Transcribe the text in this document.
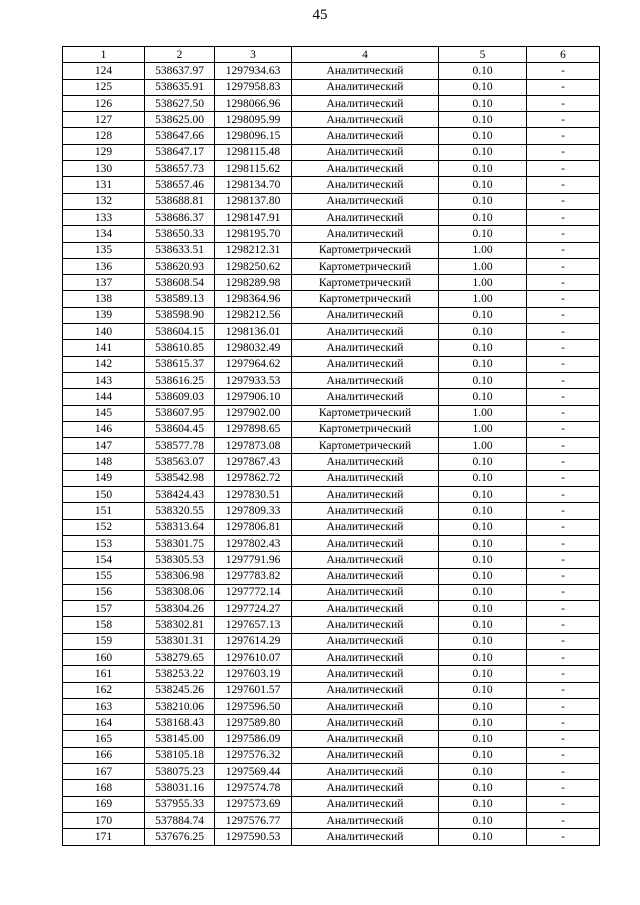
45
1	2	3	4	5	6
124	538637.97	1297934.63	Аналитический	0.10	-
125	538635.91	1297958.83	Аналитический	0.10	-
126	538627.50	1298066.96	Аналитический	0.10	-
127	538625.00	1298095.99	Аналитический	0.10	-
128	538647.66	1298096.15	Аналитический	0.10	-
129	538647.17	1298115.48	Аналитический	0.10	-
130	538657.73	1298115.62	Аналитический	0.10	-
131	538657.46	1298134.70	Аналитический	0.10	-
132	538688.81	1298137.80	Аналитический	0.10	-
133	538686.37	1298147.91	Аналитический	0.10	-
134	538650.33	1298195.70	Аналитический	0.10	-
135	538633.51	1298212.31	Картометрический	1.00	-
136	538620.93	1298250.62	Картометрический	1.00	-
137	538608.54	1298289.98	Картометрический	1.00	-
138	538589.13	1298364.96	Картометрический	1.00	-
139	538598.90	1298212.56	Аналитический	0.10	-
140	538604.15	1298136.01	Аналитический	0.10	-
141	538610.85	1298032.49	Аналитический	0.10	-
142	538615.37	1297964.62	Аналитический	0.10	-
143	538616.25	1297933.53	Аналитический	0.10	-
144	538609.03	1297906.10	Аналитический	0.10	-
145	538607.95	1297902.00	Картометрический	1.00	-
146	538604.45	1297898.65	Картометрический	1.00	-
147	538577.78	1297873.08	Картометрический	1.00	-
148	538563.07	1297867.43	Аналитический	0.10	-
149	538542.98	1297862.72	Аналитический	0.10	-
150	538424.43	1297830.51	Аналитический	0.10	-
151	538320.55	1297809.33	Аналитический	0.10	-
152	538313.64	1297806.81	Аналитический	0.10	-
153	538301.75	1297802.43	Аналитический	0.10	-
154	538305.53	1297791.96	Аналитический	0.10	-
155	538306.98	1297783.82	Аналитический	0.10	-
156	538308.06	1297772.14	Аналитический	0.10	-
157	538304.26	1297724.27	Аналитический	0.10	-
158	538302.81	1297657.13	Аналитический	0.10	-
159	538301.31	1297614.29	Аналитический	0.10	-
160	538279.65	1297610.07	Аналитический	0.10	-
161	538253.22	1297603.19	Аналитический	0.10	-
162	538245.26	1297601.57	Аналитический	0.10	-
163	538210.06	1297596.50	Аналитический	0.10	-
164	538168.43	1297589.80	Аналитический	0.10	-
165	538145.00	1297586.09	Аналитический	0.10	-
166	538105.18	1297576.32	Аналитический	0.10	-
167	538075.23	1297569.44	Аналитический	0.10	-
168	538031.16	1297574.78	Аналитический	0.10	-
169	537955.33	1297573.69	Аналитический	0.10	-
170	537884.74	1297576.77	Аналитический	0.10	-
171	537676.25	1297590.53	Аналитический	0.10	-
